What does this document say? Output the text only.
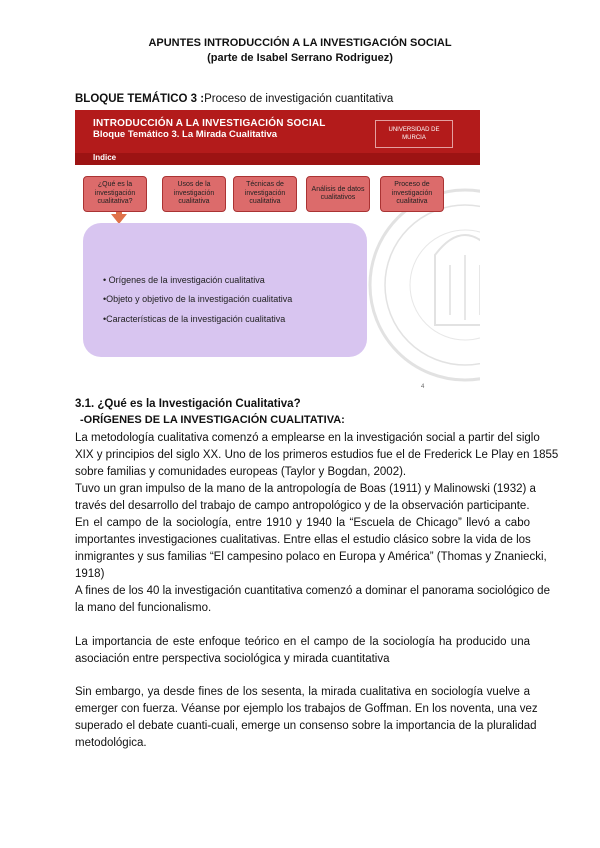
APUNTES INTRODUCCIÓN A LA INVESTIGACIÓN SOCIAL
(parte de Isabel Serrano Rodriguez)
BLOQUE TEMÁTICO 3 :Proceso de investigación cuantitativa
INTRODUCCIÓN A LA INVESTIGACIÓN SOCIAL
Bloque Temático 3. La Mirada Cualitativa	UNIVERSIDAD DE
MURCIA
Indice
¿Qué es la investigación cualitativa?
Usos de la investigación cualitativa
Técnicas de investigación cualitativa
Análisis de datos cualitativos
Proceso de investigación cualitativa
• Orígenes de la investigación cualitativa
•Objeto y objetivo de la investigación cualitativa
•Características de la investigación cualitativa
4
3.1. ¿Qué es la Investigación Cualitativa?
-ORÍGENES DE LA INVESTIGACIÓN CUALITATIVA:
La metodología cualitativa comenzó a emplearse en la investigación social a partir del siglo
XIX y principios del siglo XX. Uno de los primeros estudios fue el de Frederick Le Play en 1855
sobre familias y comunidades europeas (Taylor y Bogdan, 2002).
Tuvo un gran impulso de la mano de la antropología de Boas (1911) y Malinowski (1932) a
través del desarrollo del trabajo de campo antropológico y de la observación participante.
En el campo de la sociología, entre 1910 y 1940 la “Escuela de Chicago” llevó a cabo
importantes investigaciones cualitativas. Entre ellas el estudio clásico sobre la vida de los
inmigrantes y sus familias “El campesino polaco en Europa y América” (Thomas y Znaniecki,
1918)
A fines de los 40 la investigación cuantitativa comenzó a dominar el panorama sociológico de
la mano del funcionalismo.
La importancia de este enfoque teórico en el campo de la sociología ha producido una
asociación entre perspectiva sociológica y mirada cuantitativa
Sin embargo, ya desde fines de los sesenta, la mirada cualitativa en sociología vuelve a
emerger con fuerza. Véanse por ejemplo los trabajos de Goffman. En los noventa, una vez
superado el debate cuanti-cuali, emerge un consenso sobre la importancia de la pluralidad
metodológica.
